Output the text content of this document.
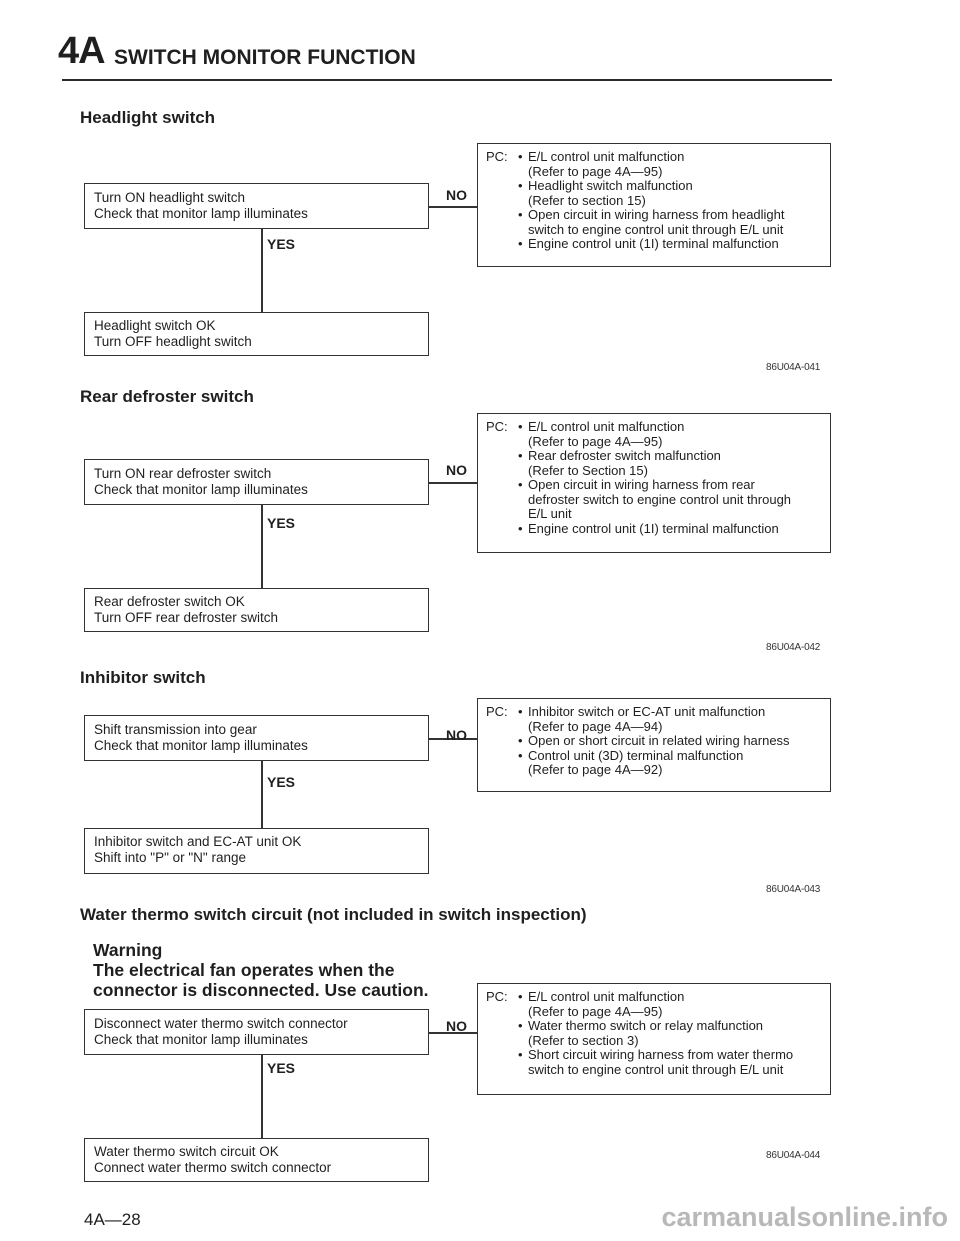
4A SWITCH MONITOR FUNCTION
Headlight switch
Turn ON headlight switch
Check that monitor lamp illuminates
Headlight switch OK
Turn OFF headlight switch
YES
NO
PC: • E/L control unit malfunction
(Refer to page 4A—95)
• Headlight switch malfunction
(Refer to section 15)
• Open circuit in wiring harness from headlight
switch to engine control unit through E/L unit
• Engine control unit (1I) terminal malfunction
86U04A-041
Rear defroster switch
Turn ON rear defroster switch
Check that monitor lamp illuminates
Rear defroster switch OK
Turn OFF rear defroster switch
YES
NO
PC: • E/L control unit malfunction
(Refer to page 4A—95)
• Rear defroster switch malfunction
(Refer to Section 15)
• Open circuit in wiring harness from rear
defroster switch to engine control unit through
E/L unit
• Engine control unit (1I) terminal malfunction
86U04A-042
Inhibitor switch
Shift transmission into gear
Check that monitor lamp illuminates
Inhibitor switch and EC-AT unit OK
Shift into "P" or "N" range
YES
NO
PC: • Inhibitor switch or EC-AT unit malfunction
(Refer to page 4A—94)
• Open or short circuit in related wiring harness
• Control unit (3D) terminal malfunction
(Refer to page 4A—92)
86U04A-043
Water thermo switch circuit (not included in switch inspection)
Disconnect water thermo switch connector
Check that monitor lamp illuminates
Water thermo switch circuit OK
Connect water thermo switch connector
YES
NO
PC: • E/L control unit malfunction
(Refer to page 4A—95)
• Water thermo switch or relay malfunction
(Refer to section 3)
• Short circuit wiring harness from water thermo
switch to engine control unit through E/L unit
86U04A-044
Warning
The electrical fan operates when the
connector is disconnected. Use caution.
4A—28	carmanualsonline.info
